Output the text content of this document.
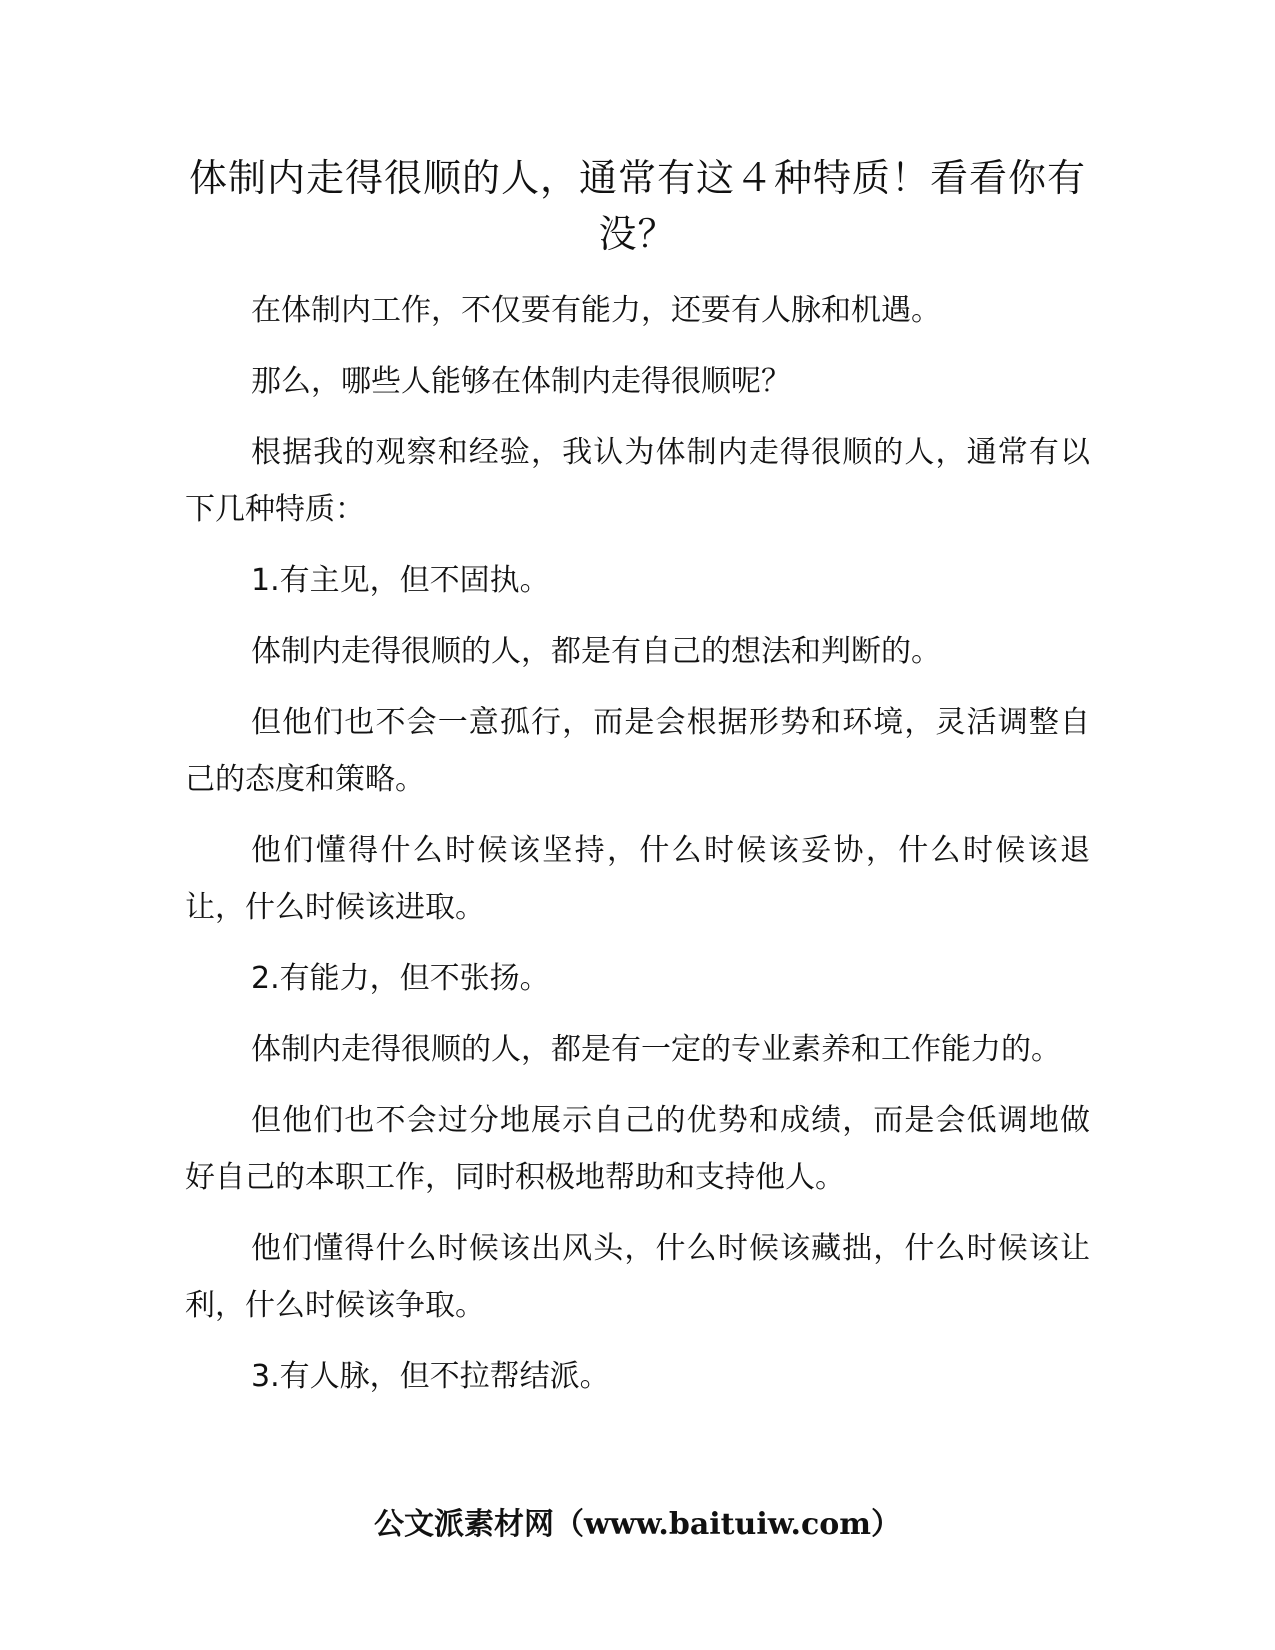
体制内走得很顺的人，通常有这４种特质！看看你有没？

在体制内工作，不仅要有能力，还要有人脉和机遇。

那么，哪些人能够在体制内走得很顺呢？

根据我的观察和经验，我认为体制内走得很顺的人，通常有以下几种特质：

1.有主见，但不固执。

体制内走得很顺的人，都是有自己的想法和判断的。

但他们也不会一意孤行，而是会根据形势和环境，灵活调整自己的态度和策略。

他们懂得什么时候该坚持，什么时候该妥协，什么时候该退让，什么时候该进取。

2.有能力，但不张扬。

体制内走得很顺的人，都是有一定的专业素养和工作能力的。

但他们也不会过分地展示自己的优势和成绩，而是会低调地做好自己的本职工作，同时积极地帮助和支持他人。

他们懂得什么时候该出风头，什么时候该藏拙，什么时候该让利，什么时候该争取。

3.有人脉，但不拉帮结派。

公文派素材网（www.baituiw.com）
